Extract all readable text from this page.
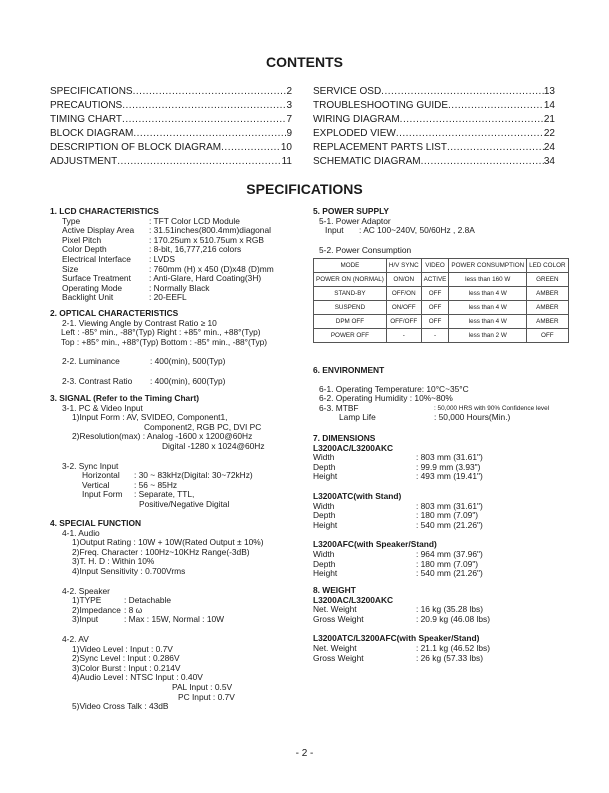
CONTENTS
SPECIFICATIONS .....	2
PRECAUTIONS .....	3
TIMING CHART .....	7
BLOCK DIAGRAM .....	9
DESCRIPTION OF BLOCK DIAGRAM .....	10
ADJUSTMENT .....	11
SERVICE OSD .....	13
TROUBLESHOOTING GUIDE .....	14
WIRING DIAGRAM .....	21
EXPLODED VIEW .....	22
REPLACEMENT PARTS LIST .....	24
SCHEMATIC DIAGRAM .....	34
SPECIFICATIONS
1. LCD CHARACTERISTICS
Type	: TFT Color LCD Module
Active Display Area	: 31.51inches(800.4mm)diagonal
Pixel Pitch	: 170.25um x 510.75um x RGB
Color Depth	: 8-bit, 16,777,216 colors
Electrical Interface	: LVDS
Size	: 760mm (H) x 450 (D)x48 (D)mm
Surface Treatment	: Anti-Glare, Hard Coating(3H)
Operating Mode	: Normally Black
Backlight Unit	: 20-EEFL
2. OPTICAL CHARACTERISTICS
2-1. Viewing Angle by Contrast Ratio ≥ 10
Left : -85° min., -88°(Typ) Right : +85° min., +88°(Typ)
Top : +85° min., +88°(Typ) Bottom : -85° min., -88°(Typ)
2-2. Luminance	: 400(min), 500(Typ)
2-3. Contrast Ratio	: 400(min), 600(Typ)
3. SIGNAL (Refer to the Timing Chart)
3-1. PC & Video Input
1)Input Form : AV, SVIDEO, Component1,
Component2, RGB PC, DVI PC
2)Resolution(max) : Analog -1600 x 1200@60Hz
Digital -1280 x 1024@60Hz
3-2. Sync Input
Horizontal	: 30 ~ 83kHz(Digital: 30~72kHz)
Vertical	: 56 ~ 85Hz
Input Form	: Separate, TTL,
Positive/Negative Digital
4. SPECIAL FUNCTION
4-1. Audio
1)Output Rating : 10W + 10W(Rated Output ± 10%)
2)Freq. Character : 100Hz~10KHz Range(-3dB)
3)T. H. D : Within 10%
4)Input Sensitivity : 0.700Vrms
4-2. Speaker
1)TYPE	: Detachable
2)Impedance : 8 ω
3)Input	: Max : 15W, Normal : 10W
4-2. AV
1)Video Level : Input : 0.7V
2)Sync Level : Input : 0.286V
3)Color Burst : Input : 0.214V
4)Audio Level : NTSC Input : 0.40V
PAL Input : 0.5V
PC Input : 0.7V
5)Video Cross Talk : 43dB
5. POWER SUPPLY
5-1. Power Adaptor
Input	: AC 100~240V, 50/60Hz , 2.8A
5-2. Power Consumption
MODE	H/V SYNC	VIDEO	POWER CONSUMPTION	LED COLOR
POWER ON (NORMAL)	ON/ON	ACTIVE	less than 160 W	GREEN
STAND-BY	OFF/ON	OFF	less than 4 W	AMBER
SUSPEND	ON/OFF	OFF	less than 4 W	AMBER
DPM OFF	OFF/OFF	OFF	less than 4 W	AMBER
POWER OFF	-	-	less than 2 W	OFF
6. ENVIRONMENT
6-1. Operating Temperature: 10°C~35°C
6-2. Operating Humidity : 10%~80%
6-3. MTBF	: 50,000 HRS with 90% Confidence level
Lamp Life	: 50,000 Hours(Min.)
7. DIMENSIONS
L3200AC/L3200AKC
Width	: 803 mm (31.61")
Depth	: 99.9 mm (3.93")
Height	: 493 mm (19.41")
L3200ATC(with Stand)
Width	: 803 mm (31.61")
Depth	: 180 mm (7.09")
Height	: 540 mm (21.26")
L3200AFC(with Speaker/Stand)
Width	: 964 mm (37.96")
Depth	: 180 mm (7.09")
Height	: 540 mm (21.26")
8. WEIGHT
L3200AC/L3200AKC
Net. Weight	: 16 kg (35.28 lbs)
Gross Weight	: 20.9 kg (46.08 lbs)
L3200ATC/L3200AFC(with Speaker/Stand)
Net. Weight	: 21.1 kg (46.52 lbs)
Gross Weight	: 26 kg (57.33 lbs)
- 2 -
